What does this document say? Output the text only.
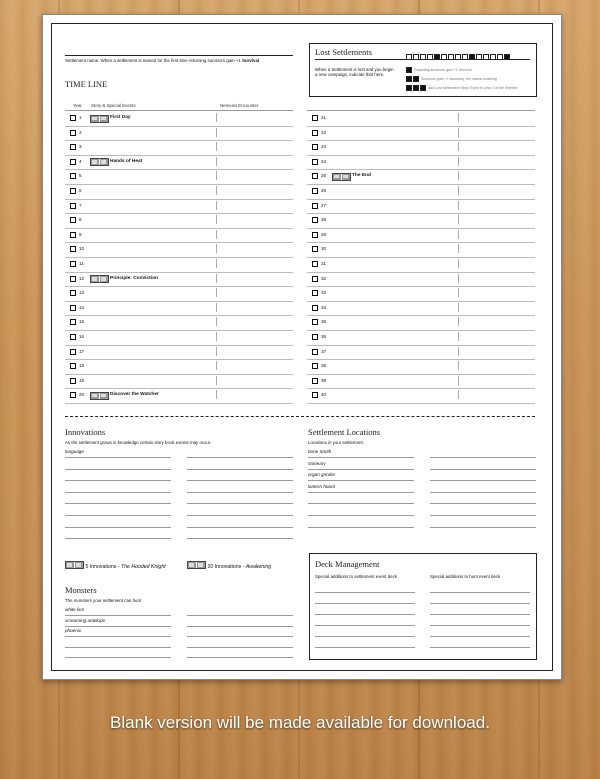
Settlement name. When a settlement is named for the first time returning survivors gain +1 Survival
TIME LINE
Year Story & Special Events	Nemesis Encounter
1	First Day
2
3
4	Hands of Heat
5
6
7
8
9
10
11
12	Principle: Conviction
13
14
15
16
17
18
19
20	Discover the Watcher
21
22
23
24
25	The End
26
27
28
29
30
31
32
33
34
35
36
37
38
39
40
Lost Settlements
When a Settlement is lost and you begin a new campaign, indicate that here.
Departing survivors gain +1 Survival.
Survivors gain +1 accuracy, the lowest enabling
Add Lost settlement Story Event to year 1 of the timeline
Innovations
As the settlement grows in knowledge certain story book events may occur.
language
5 Innovations - The Hooded Knight	20 Innovations - Awakening
Settlement Locations
Locations in your settlement.
bone Smith
stoneary
organ grinder
lantern hoard
Monsters
The monsters your settlement can hunt
white lion
screaming antelope
phoenix
Deck Management
Special additions to settlement event deck	Special additions to hunt event deck
Blank version will be made available for download.
